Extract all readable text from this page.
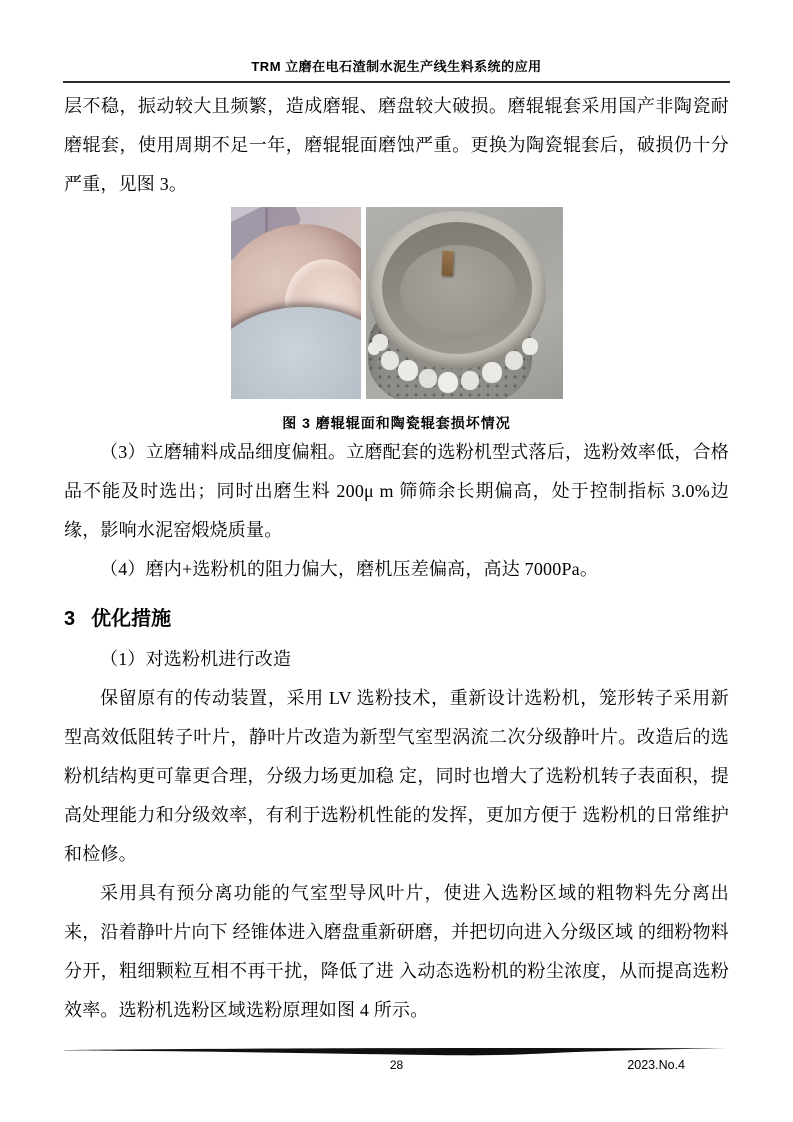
TRM 立磨在电石渣制水泥生产线生料系统的应用

层不稳，振动较大且频繁，造成磨辊、磨盘较大破损。磨辊辊套采用国产非陶瓷耐磨辊套，使用周期不足一年，磨辊辊面磨蚀严重。更换为陶瓷辊套后，破损仍十分严重，见图 3。

图 3 磨辊辊面和陶瓷辊套损坏情况

（3）立磨辅料成品细度偏粗。立磨配套的选粉机型式落后，选粉效率低，合格品不能及时选出；同时出磨生料 200μ m 筛筛余长期偏高，处于控制指标 3.0%边缘，影响水泥窑煅烧质量。

（4）磨内+选粉机的阻力偏大，磨机压差偏高，高达 7000Pa。

3 优化措施

（1）对选粉机进行改造

保留原有的传动装置，采用 LV 选粉技术，重新设计选粉机，笼形转子采用新型高效低阻转子叶片，静叶片改造为新型气室型涡流二次分级静叶片。改造后的选粉机结构更可靠更合理，分级力场更加稳 定，同时也增大了选粉机转子表面积，提高处理能力和分级效率，有利于选粉机性能的发挥，更加方便于 选粉机的日常维护和检修。

采用具有预分离功能的气室型导风叶片，使进入选粉区域的粗物料先分离出来，沿着静叶片向下 经锥体进入磨盘重新研磨，并把切向进入分级区域 的细粉物料分开，粗细颗粒互相不再干扰，降低了进 入动态选粉机的粉尘浓度，从而提高选粉效率。选粉机选粉区域选粉原理如图 4 所示。

28	2023.No.4
